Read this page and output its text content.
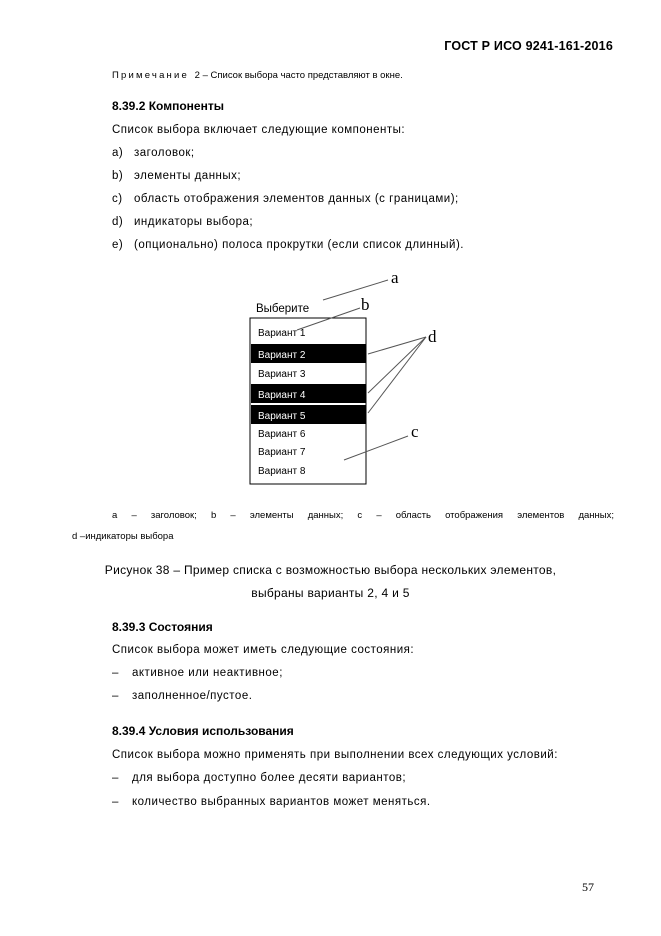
ГОСТ Р ИСО 9241-161-2016
Примечание 2 – Список выбора часто представляют в окне.
8.39.2 Компоненты
Список выбора включает следующие компоненты:
a) заголовок;
b) элементы данных;
c) область отображения элементов данных (с границами);
d) индикаторы выбора;
e) (опционально) полоса прокрутки (если список длинный).
Выберите
Вариант 1
Вариант 2
Вариант 3
Вариант 4
Вариант 5
Вариант 6
Вариант 7
Вариант 8
a
b
d
c
a – заголовок; b – элементы данных; c – область отображения элементов данных;
d –индикаторы выбора
Рисунок 38 – Пример списка с возможностью выбора нескольких элементов,
выбраны варианты 2, 4 и 5
8.39.3 Состояния
Список выбора может иметь следующие состояния:
– активное или неактивное;
– заполненное/пустое.
8.39.4 Условия использования
Список выбора можно применять при выполнении всех следующих условий:
– для выбора доступно более десяти вариантов;
– количество выбранных вариантов может меняться.
57
